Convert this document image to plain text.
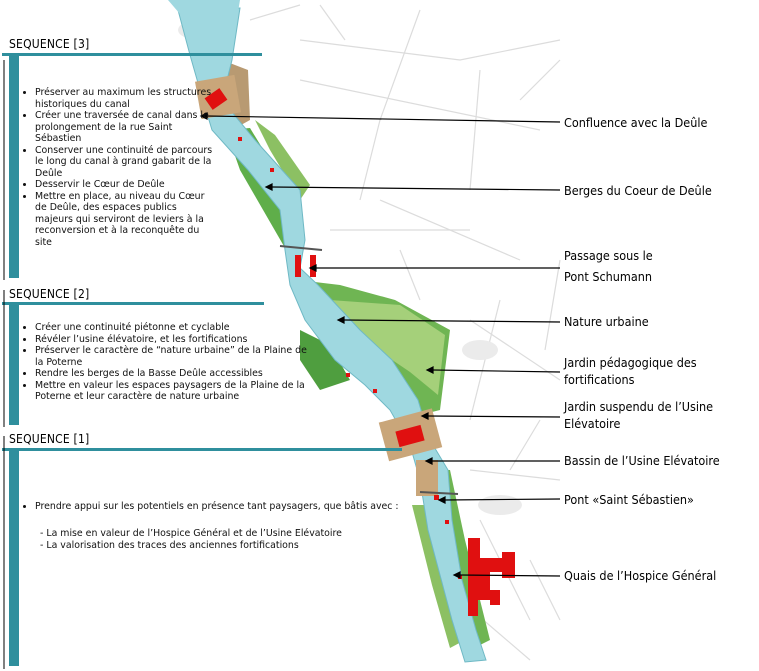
SEQUENCE [3]
• Préserver au maximum les structures historiques du canal
• Créer une traversée de canal dans le prolongement de la rue Saint Sébastien
• Conserver une continuité de parcours le long du canal à grand gabarit de la Deûle
• Desservir le Cœur de Deûle
• Mettre en place, au niveau du Cœur de Deûle, des espaces publics majeurs qui serviront de leviers à la reconversion et à la reconquête du site
SEQUENCE [2]
• Créer une continuité piétonne et cyclable
• Révéler l’usine élévatoire, et les fortifications
• Préserver le caractère de “nature urbaine” de la Plaine de la Poterne
• Rendre les berges de la Basse Deûle accessibles
• Mettre en valeur les espaces paysagers de la Plaine de la Poterne et leur caractère de nature urbaine
SEQUENCE [1]
• Prendre appui sur les potentiels en présence tant paysagers, que bâtis avec :
- La mise en valeur de l’Hospice Général et de l’Usine Elévatoire
- La valorisation des traces des anciennes fortifications
Confluence avec la Deûle
Berges du Coeur de Deûle
Passage sous le
Pont Schumann
Nature urbaine
Jardin pédagogique des
fortifications
Jardin suspendu de l’Usine
Elévatoire
Bassin de l’Usine Elévatoire
Pont «Saint Sébastien»
Quais de l’Hospice Général
